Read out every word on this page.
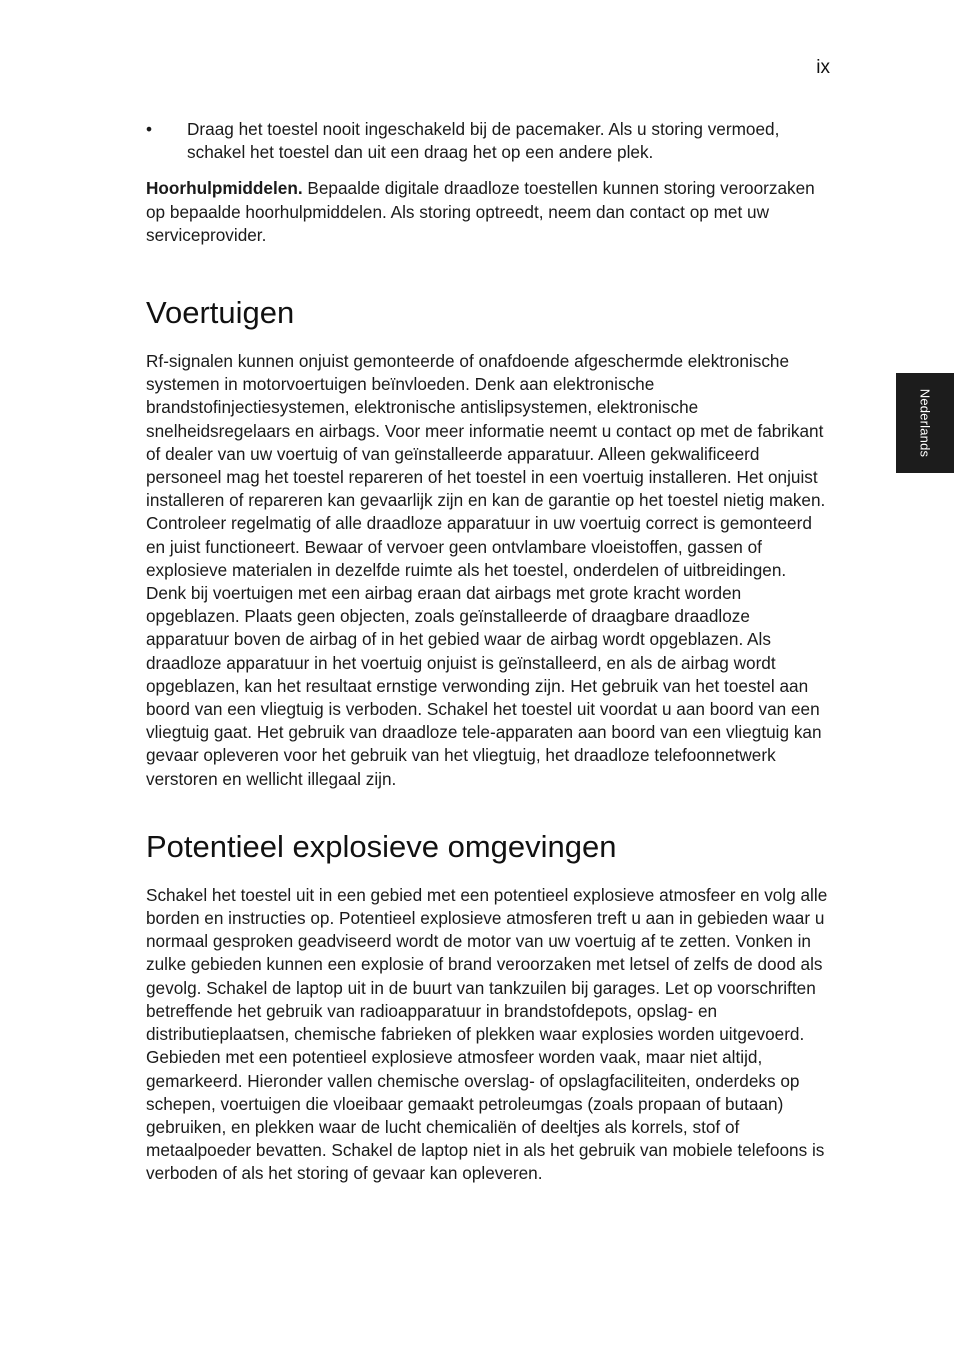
ix
Nederlands
• Draag het toestel nooit ingeschakeld bij de pacemaker. Als u storing vermoed, schakel het toestel dan uit een draag het op een andere plek.

Hoorhulpmiddelen. Bepaalde digitale draadloze toestellen kunnen storing veroorzaken op bepaalde hoorhulpmiddelen. Als storing optreedt, neem dan contact op met uw serviceprovider.

Voertuigen

Rf-signalen kunnen onjuist gemonteerde of onafdoende afgeschermde elektronische systemen in motorvoertuigen beïnvloeden. Denk aan elektronische brandstofinjectiesystemen, elektronische antislipsystemen, elektronische snelheidsregelaars en airbags. Voor meer informatie neemt u contact op met de fabrikant of dealer van uw voertuig of van geïnstalleerde apparatuur. Alleen gekwalificeerd personeel mag het toestel repareren of het toestel in een voertuig installeren. Het onjuist installeren of repareren kan gevaarlijk zijn en kan de garantie op het toestel nietig maken. Controleer regelmatig of alle draadloze apparatuur in uw voertuig correct is gemonteerd en juist functioneert. Bewaar of vervoer geen ontvlambare vloeistoffen, gassen of explosieve materialen in dezelfde ruimte als het toestel, onderdelen of uitbreidingen. Denk bij voertuigen met een airbag eraan dat airbags met grote kracht worden opgeblazen. Plaats geen objecten, zoals geïnstalleerde of draagbare draadloze apparatuur boven de airbag of in het gebied waar de airbag wordt opgeblazen. Als draadloze apparatuur in het voertuig onjuist is geïnstalleerd, en als de airbag wordt opgeblazen, kan het resultaat ernstige verwonding zijn. Het gebruik van het toestel aan boord van een vliegtuig is verboden. Schakel het toestel uit voordat u aan boord van een vliegtuig gaat. Het gebruik van draadloze tele-apparaten aan boord van een vliegtuig kan gevaar opleveren voor het gebruik van het vliegtuig, het draadloze telefoonnetwerk verstoren en wellicht illegaal zijn.

Potentieel explosieve omgevingen

Schakel het toestel uit in een gebied met een potentieel explosieve atmosfeer en volg alle borden en instructies op. Potentieel explosieve atmosferen treft u aan in gebieden waar u normaal gesproken geadviseerd wordt de motor van uw voertuig af te zetten. Vonken in zulke gebieden kunnen een explosie of brand veroorzaken met letsel of zelfs de dood als gevolg. Schakel de laptop uit in de buurt van tankzuilen bij garages. Let op voorschriften betreffende het gebruik van radioapparatuur in brandstofdepots, opslag- en distributieplaatsen, chemische fabrieken of plekken waar explosies worden uitgevoerd. Gebieden met een potentieel explosieve atmosfeer worden vaak, maar niet altijd, gemarkeerd. Hieronder vallen chemische overslag- of opslagfaciliteiten, onderdeks op schepen, voertuigen die vloeibaar gemaakt petroleumgas (zoals propaan of butaan) gebruiken, en plekken waar de lucht chemicaliën of deeltjes als korrels, stof of metaalpoeder bevatten. Schakel de laptop niet in als het gebruik van mobiele telefoons is verboden of als het storing of gevaar kan opleveren.
